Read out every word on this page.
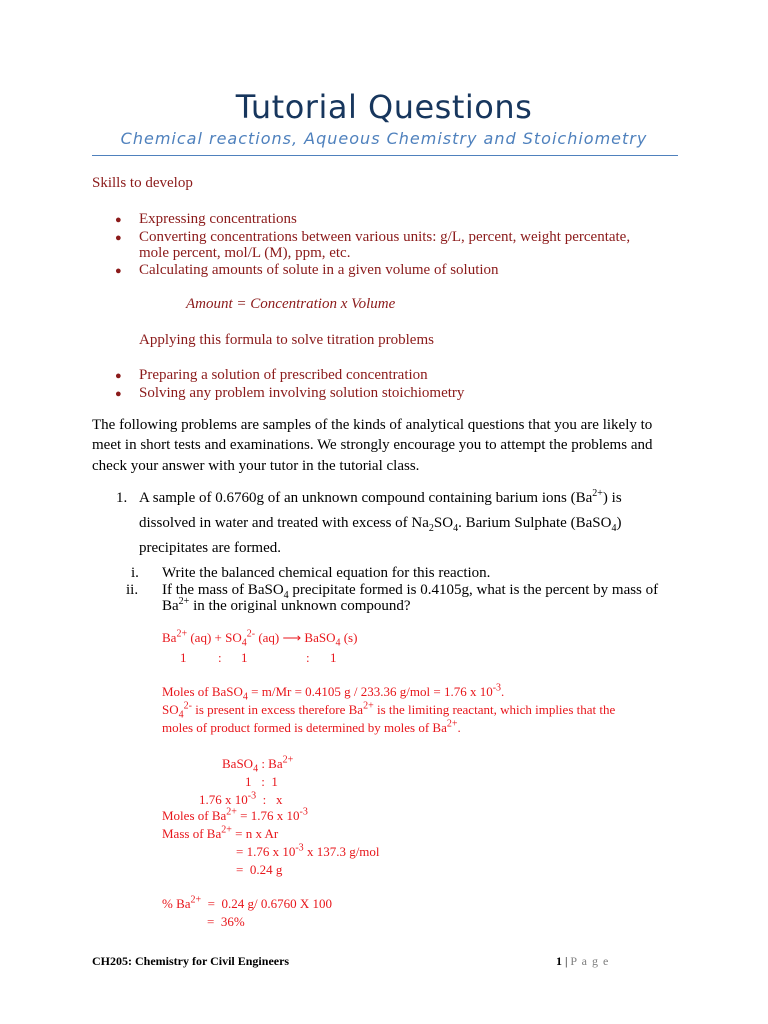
Tutorial Questions
Chemical reactions, Aqueous Chemistry and Stoichiometry
Skills to develop
● Expressing concentrations
● Converting concentrations between various units: g/L, percent, weight percentate,
mole percent, mol/L (M), ppm, etc.
● Calculating amounts of solute in a given volume of solution
Amount = Concentration x Volume
Applying this formula to solve titration problems
● Preparing a solution of prescribed concentration
● Solving any problem involving solution stoichiometry
The following problems are samples of the kinds of analytical questions that you are likely to
meet in short tests and examinations. We strongly encourage you to attempt the problems and
check your answer with your tutor in the tutorial class.
1. A sample of 0.6760g of an unknown compound containing barium ions $(Ba^{2+})$ is
dissolved in water and treated with excess of $Na_2SO_4$. Barium Sulphate (BaSO$_4$)
precipitates are formed.
i. Write the balanced chemical equation for this reaction.
ii. If the mass of BaSO$_4$ precipitate formed is 0.4105g, what is the percent by mass of
$Ba^{2+}$ in the original unknown compound?
$Ba^{2+}$ $(aq) + SO_4^{2-}$ (aq) ⟶ BaSO$_4$ (s)
1 : 1	: 1
Moles of BaSO$_4$ = m/Mr = 0.4105 g / 233.36 g/mol = 1.76 x $10^{-3}$.
$SO_4^{2-}$ is present in excess therefore $Ba^{2+}$ is the limiting reactant, which implies that the
moles of product formed is determined by moles of $Ba^{2+}$.
BaSO$_4$ : $Ba^{2+}$
1   :  1
1.76 x $10^{-3}$  :   x
Moles of $Ba^{2+} = 1.76$ x $10^{-3}$
Mass of $Ba^{2+} = n$ x Ar
= 1.76 x $10^{-3}$ x 137.3 g/mol
=  0.24 g
% $Ba^{2+} = 0.24$ g/ 0.6760 X 100
=  36%
CH205: Chemistry for Civil Engineers	1 | P a g e
